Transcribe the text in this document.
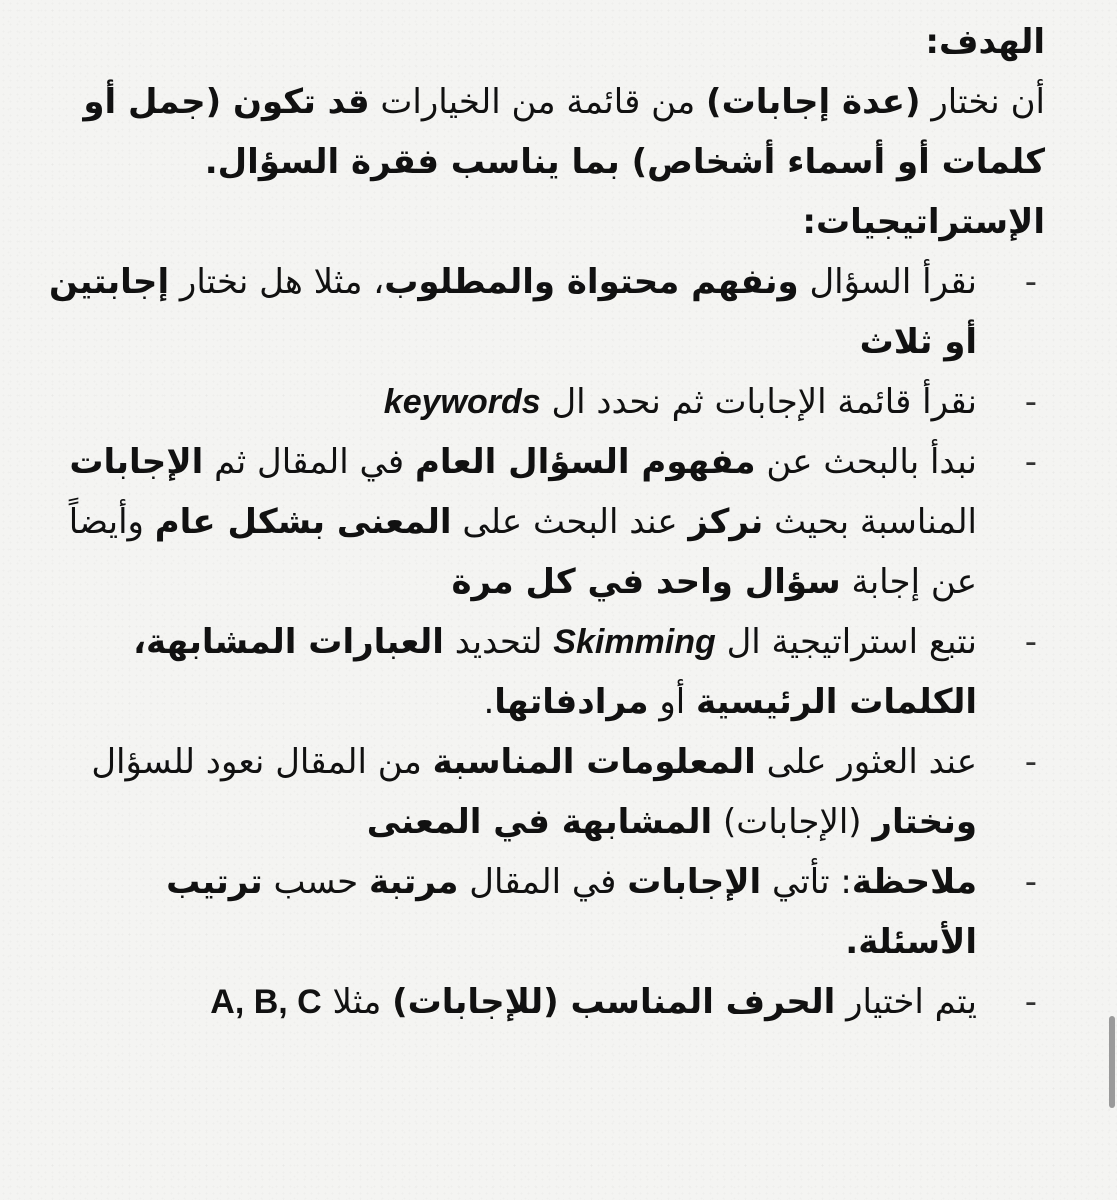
الهدف:

أن نختار (عدة إجابات) من قائمة من الخيارات قد تكون (جمل أو كلمات أو أسماء أشخاص) بما يناسب فقرة السؤال.

الإستراتيجيات:

-
نقرأ السؤال ونفهم محتواة والمطلوب، مثلا هل نختار إجابتين أو ثلاث
-
نقرأ قائمة الإجابات ثم نحدد ال keywords
-
نبدأ بالبحث عن مفهوم السؤال العام في المقال ثم الإجابات المناسبة بحيث نركز عند البحث على المعنى بشكل عام وأيضاً عن إجابة سؤال واحد في كل مرة
-
نتبع استراتيجية ال Skimming لتحديد العبارات المشابهة، الكلمات الرئيسية أو مرادفاتها.
-
عند العثور على المعلومات المناسبة من المقال نعود للسؤال ونختار (الإجابات) المشابهة في المعنى
-
ملاحظة: تأتي الإجابات في المقال مرتبة حسب ترتيب الأسئلة.
-
يتم اختيار الحرف المناسب (للإجابات) مثلا A, B, C
